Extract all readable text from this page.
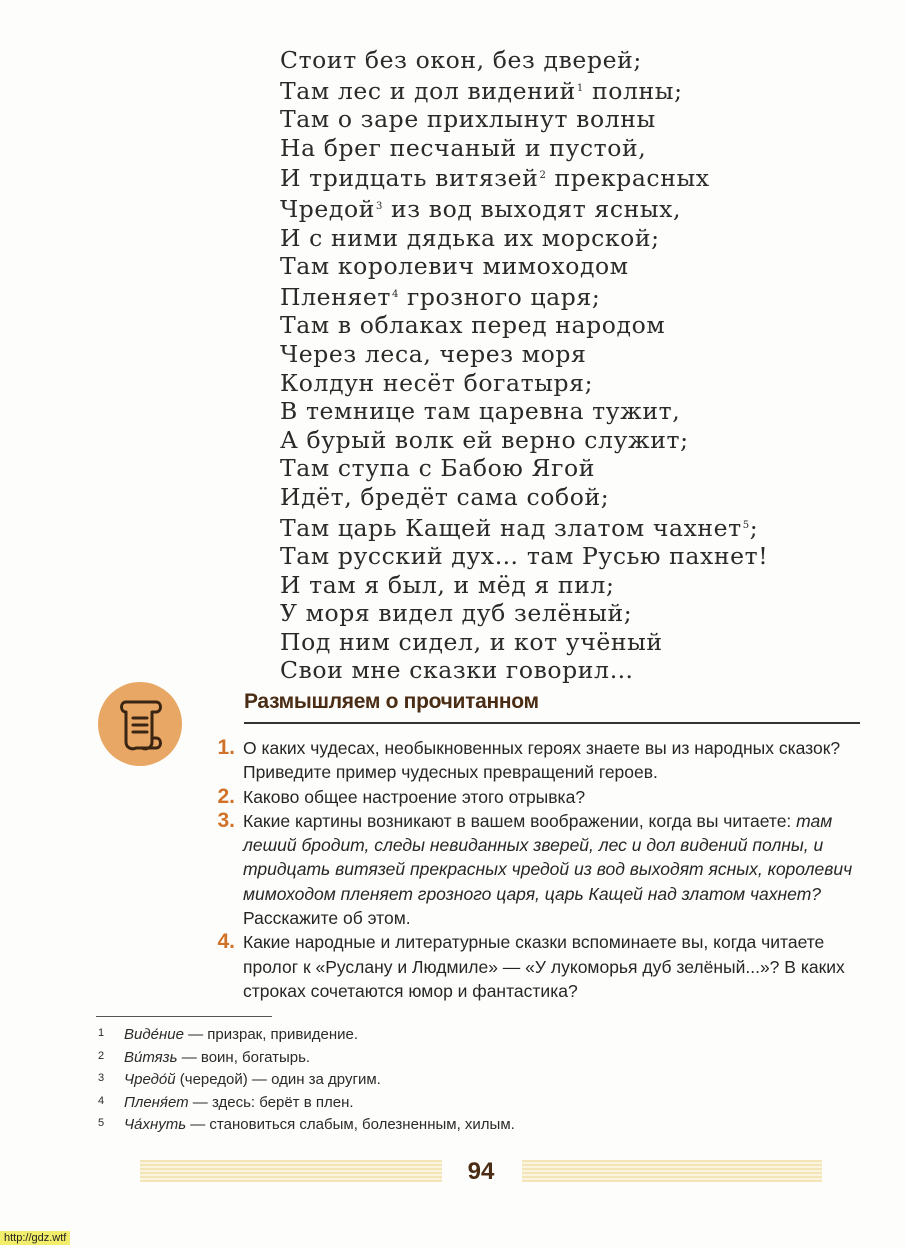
Стоит без окон, без дверей;
Там лес и дол видений$^1$ полны;
Там о заре прихлынут волны
На брег песчаный и пустой,
И тридцать витязей$^2$ прекрасных
Чредой$^3$ из вод выходят ясных,
И с ними дядька их морской;
Там королевич мимоходом
Пленяет$^4$ грозного царя;
Там в облаках перед народом
Через леса, через моря
Колдун несёт богатыря;
В темнице там царевна тужит,
А бурый волк ей верно служит;
Там ступа с Бабою Ягой
Идёт, бредёт сама собой;
Там царь Кащей над златом чахнет$^5$;
Там русский дух… там Русью пахнет!
И там я был, и мёд я пил;
У моря видел дуб зелёный;
Под ним сидел, и кот учёный
Свои мне сказки говорил…
Размышляем о прочитанном
1. О каких чудесах, необыкновенных героях знаете вы из народных сказок? Приведите пример чудесных превращений героев.
2. Каково общее настроение этого отрывка?
3. Какие картины возникают в вашем воображении, когда вы читаете: там леший бродит, следы невиданных зверей, лес и дол видений полны, и тридцать витязей прекрасных чредой из вод выходят ясных, королевич мимоходом пленяет грозного царя, царь Кащей над златом чахнет? Расскажите об этом.
4. Какие народные и литературные сказки вспоминаете вы, когда читаете пролог к «Руслану и Людмиле» — «У лукоморья дуб зелёный...»? В каких строках сочетаются юмор и фантастика?
1 Виде́ние — призрак, привидение.
2 Ви́тязь — воин, богатырь.
3 Чредо́й (чередой) — один за другим.
4 Пленя́ет — здесь: берёт в плен.
5 Ча́хнуть — становиться слабым, болезненным, хилым.
94
http://gdz.wtf
